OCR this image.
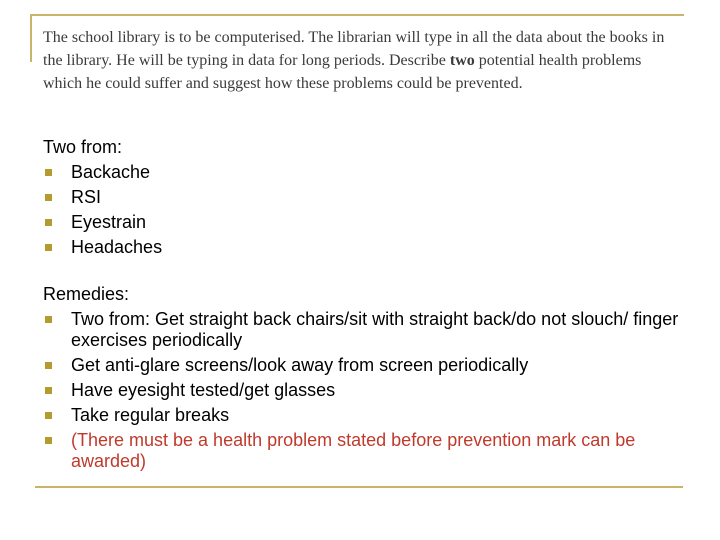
The school library is to be computerised. The librarian will type in all the data about the books in the library. He will be typing in data for long periods. Describe two potential health problems which he could suffer and suggest how these problems could be prevented.
Two from:
Backache
RSI
Eyestrain
Headaches
Remedies:
Two from: Get straight back chairs/sit with straight back/do not slouch/ finger exercises periodically
Get anti-glare screens/look away from screen periodically
Have eyesight tested/get glasses
Take regular breaks
(There must be a health problem stated before prevention mark can be awarded)
